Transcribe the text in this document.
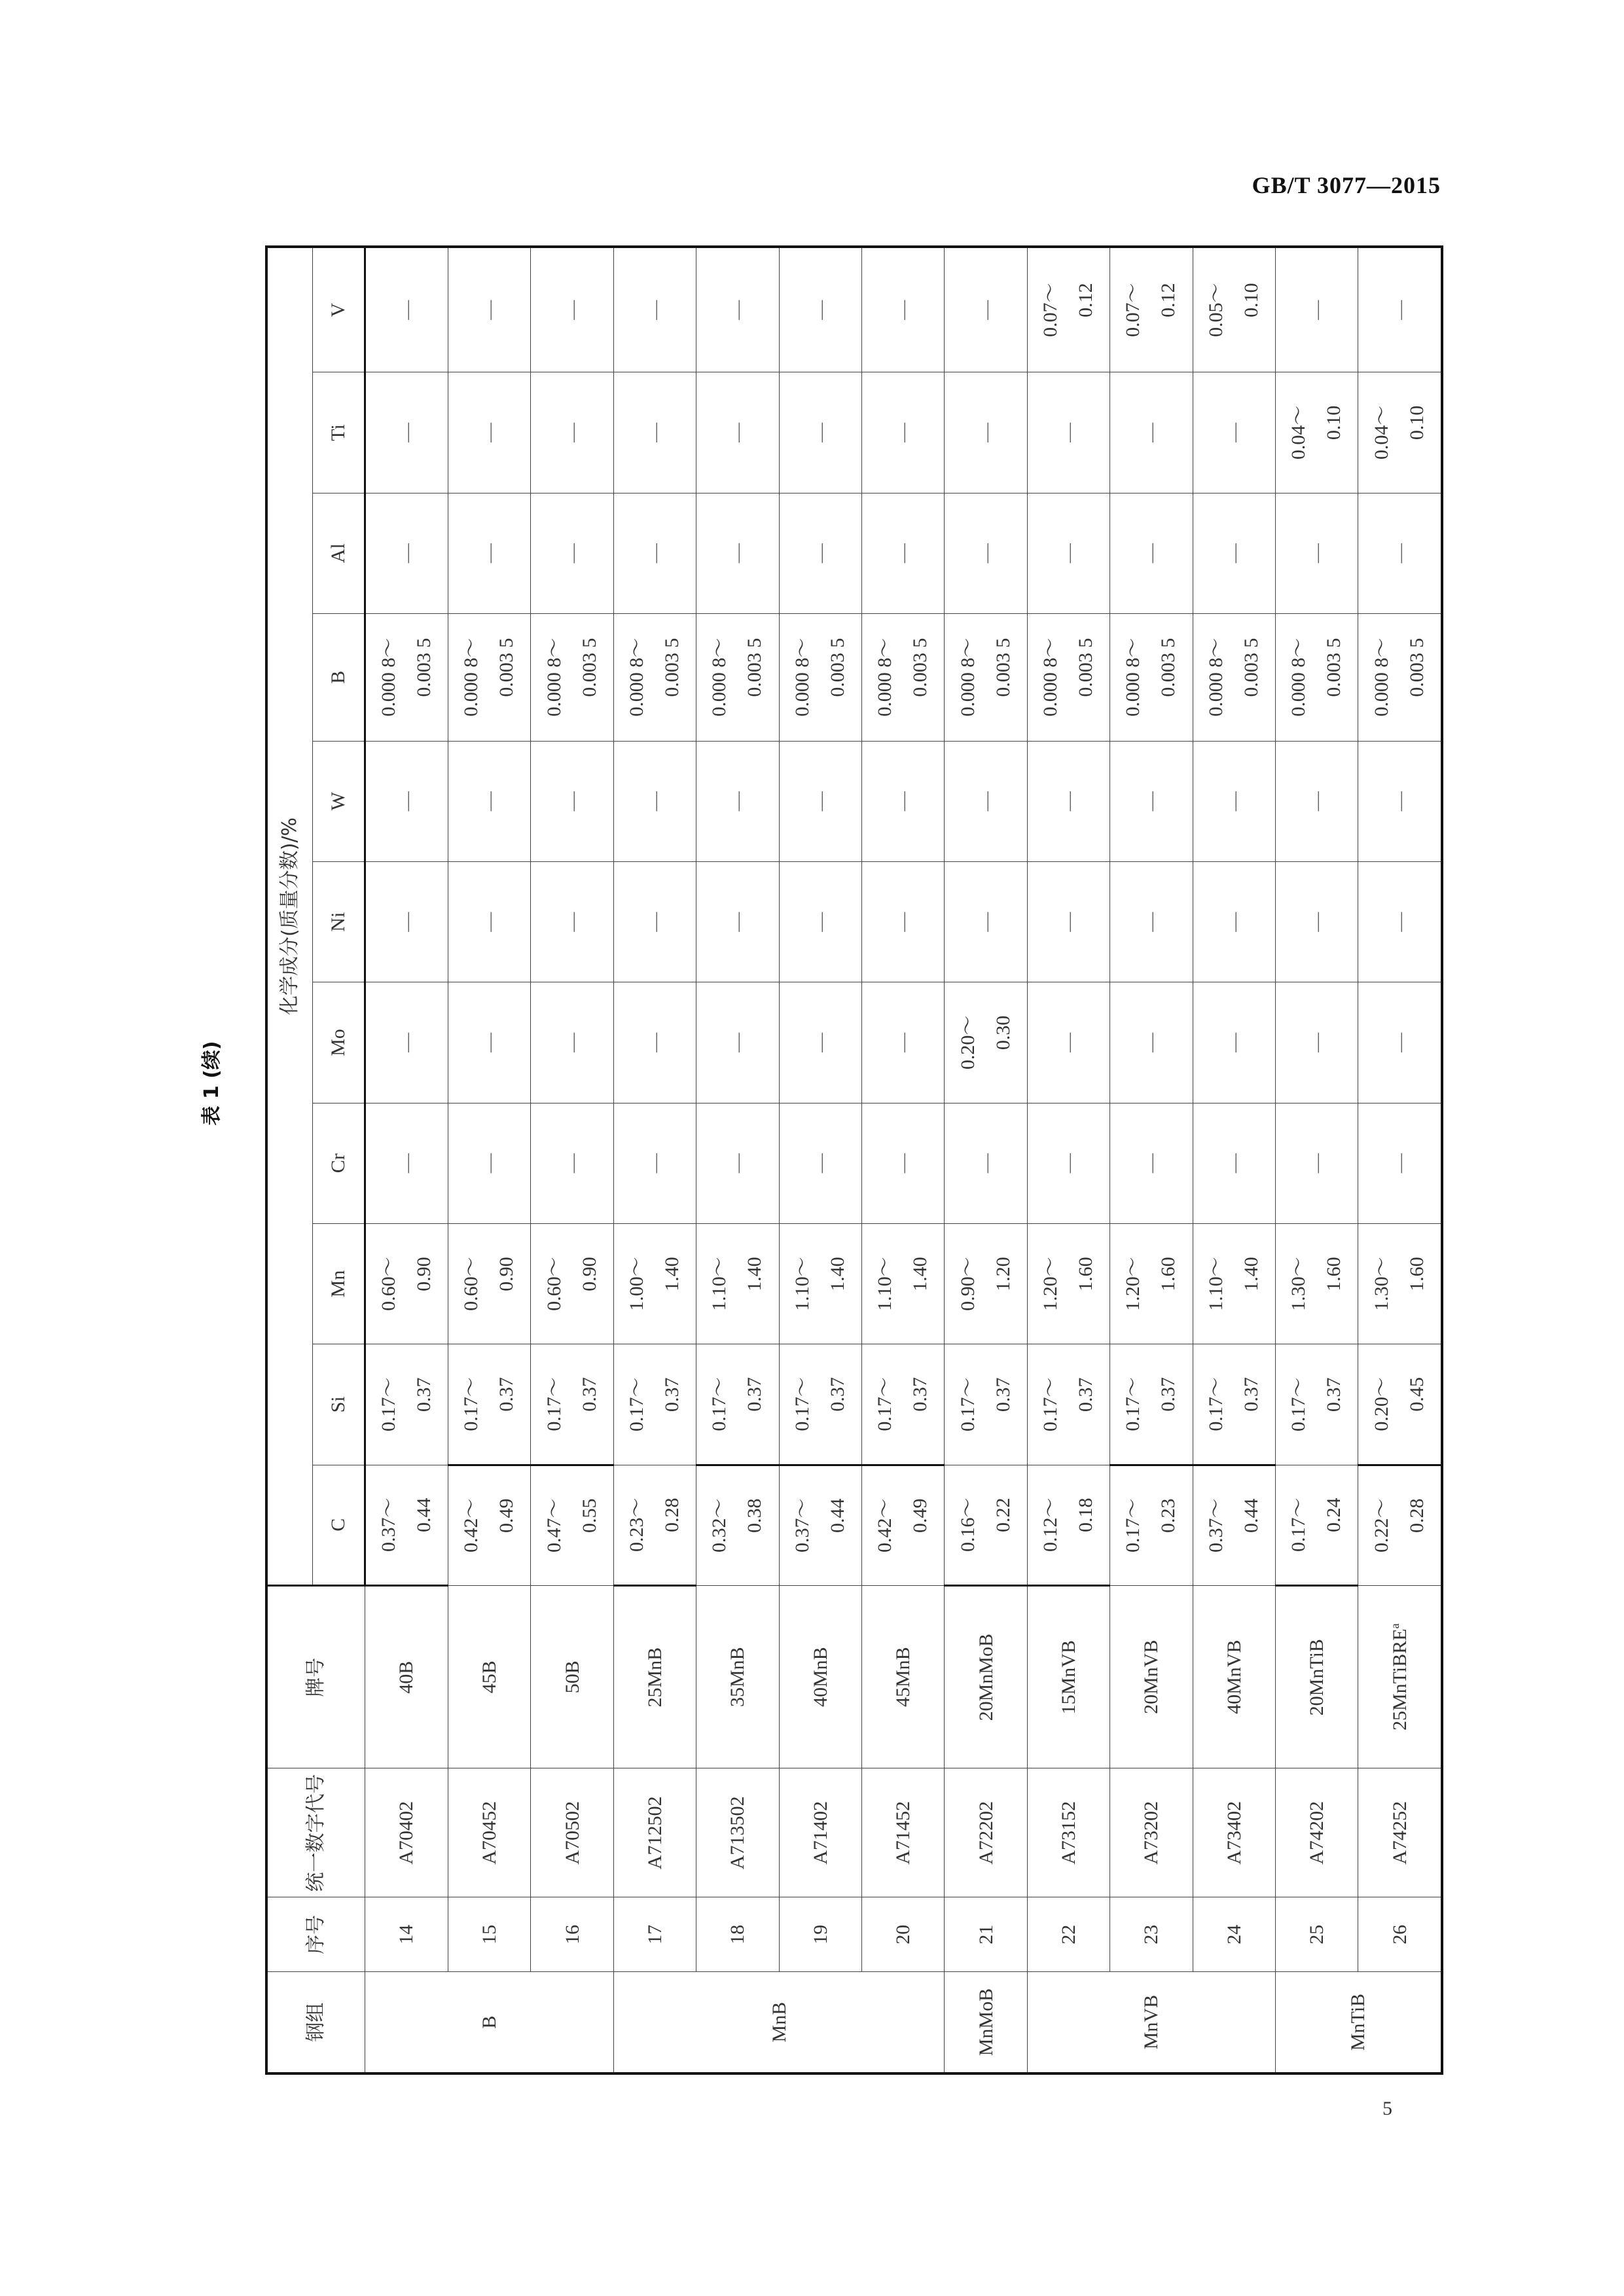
GB/T 3077—2015
表 1 (续)
钢组	序号	统一数字代号	牌号	化学成分(质量分数)/%										
				C	Si	Mn	Cr	Mo	Ni	W	B	Al	Ti	V
B	14	A70402	40B	0.37～ 0.44	0.17～ 0.37	0.60～ 0.90	—	—	—	—	0.000 8～ 0.003 5	—	—	—
	15	A70452	45B	0.42～ 0.49	0.17～ 0.37	0.60～ 0.90	—	—	—	—	0.000 8～ 0.003 5	—	—	—
	16	A70502	50B	0.47～ 0.55	0.17～ 0.37	0.60～ 0.90	—	—	—	—	0.000 8～ 0.003 5	—	—	—
MnB	17	A712502	25MnB	0.23～ 0.28	0.17～ 0.37	1.00～ 1.40	—	—	—	—	0.000 8～ 0.003 5	—	—	—
	18	A713502	35MnB	0.32～ 0.38	0.17～ 0.37	1.10～ 1.40	—	—	—	—	0.000 8～ 0.003 5	—	—	—
	19	A71402	40MnB	0.37～ 0.44	0.17～ 0.37	1.10～ 1.40	—	—	—	—	0.000 8～ 0.003 5	—	—	—
	20	A71452	45MnB	0.42～ 0.49	0.17～ 0.37	1.10～ 1.40	—	—	—	—	0.000 8～ 0.003 5	—	—	—
MnMoB	21	A72202	20MnMoB	0.16～ 0.22	0.17～ 0.37	0.90～ 1.20	—	0.20～ 0.30	—	—	0.000 8～ 0.003 5	—	—	—
MnVB	22	A73152	15MnVB	0.12～ 0.18	0.17～ 0.37	1.20～ 1.60	—	—	—	—	0.000 8～ 0.003 5	—	—	0.07～ 0.12

	23	A73202	20MnVB	0.17～ 0.23	0.17～ 0.37	1.20～ 1.60	—	—	—	—	0.000 8～ 0.003 5	—	—	0.07～ 0.12

	24	A73402	40MnVB	0.37～ 0.44	0.17～ 0.37	1.10～ 1.40	—	—	—	—	0.000 8～ 0.003 5	—	—	0.05～ 0.10

MnTiB	25	A74202	20MnTiB	0.17～ 0.24	0.17～ 0.37	1.30～ 1.60	—	—	—	—	0.000 8～ 0.003 5	—	0.04～ 0.10	—
	26	A74252	25MnTiBRE$^a$	0.22～ 0.28	0.20～ 0.45	1.30～ 1.60	—	—	—	—	0.000 8～ 0.003 5	—	0.04～ 0.10	—
5
